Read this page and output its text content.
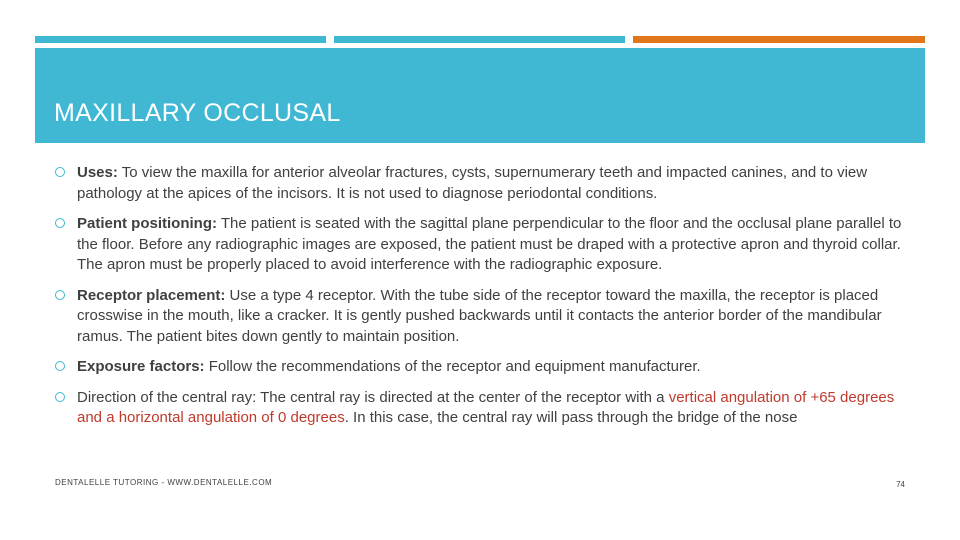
MAXILLARY OCCLUSAL
Uses: To view the maxilla for anterior alveolar fractures, cysts, supernumerary teeth and impacted canines, and to view pathology at the apices of the incisors. It is not used to diagnose periodontal conditions.
Patient positioning: The patient is seated with the sagittal plane perpendicular to the floor and the occlusal plane parallel to the floor. Before any radiographic images are exposed, the patient must be draped with a protective apron and thyroid collar. The apron must be properly placed to avoid interference with the radiographic exposure.
Receptor placement: Use a type 4 receptor. With the tube side of the receptor toward the maxilla, the receptor is placed crosswise in the mouth, like a cracker. It is gently pushed backwards until it contacts the anterior border of the mandibular ramus. The patient bites down gently to maintain position.
Exposure factors: Follow the recommendations of the receptor and equipment manufacturer.
Direction of the central ray: The central ray is directed at the center of the receptor with a vertical angulation of +65 degrees and a horizontal angulation of 0 degrees. In this case, the central ray will pass through the bridge of the nose
DENTALELLE TUTORING - WWW.DENTALELLE.COM	74
